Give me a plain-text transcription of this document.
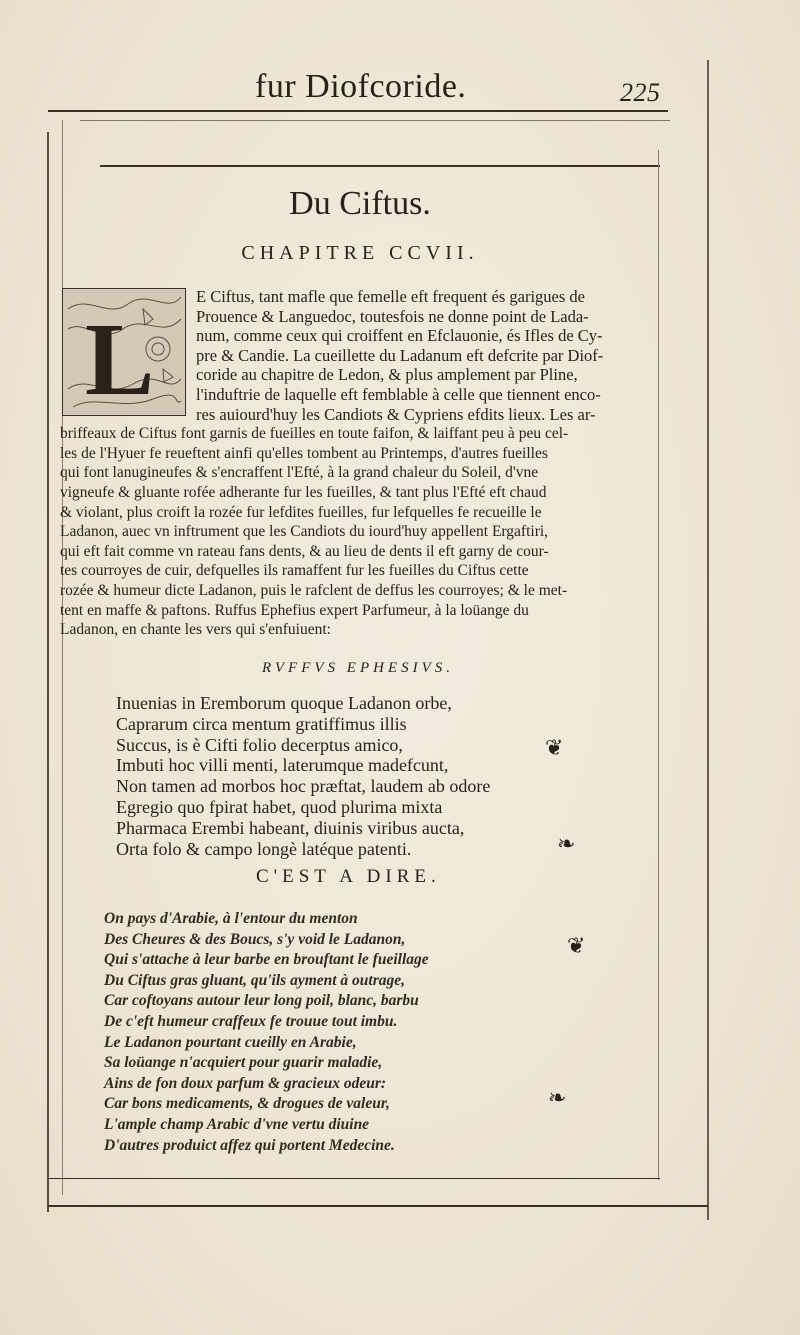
fur Diofcoride.	225
Du Ciftus.
CHAPITRE CCVII.
L
E Ciftus, tant mafle que femelle eft frequent és garigues de
Prouence & Languedoc, toutesfois ne donne point de Lada-
num, comme ceux qui croiffent en Efclauonie, és Ifles de Cy-
pre & Candie. La cueillette du Ladanum eft defcrite par Diof-
coride au chapitre de Ledon, & plus amplement par Pline,
l'induftrie de laquelle eft femblable à celle que tiennent enco-
res auiourd'huy les Candiots & Cypriens efdits lieux. Les ar-
briffeaux de Ciftus font garnis de fueilles en toute faifon, & laiffant peu à peu cel-
les de l'Hyuer fe reueftent ainfi qu'elles tombent au Printemps, d'autres fueilles
qui font lanugineufes & s'encraffent l'Efté, à la grand chaleur du Soleil, d'vne
vigneufe & gluante rofée adherante fur les fueilles, & tant plus l'Efté eft chaud
& violant, plus croift la rozée fur lefdites fueilles, fur lefquelles fe recueille le
Ladanon, auec vn inftrument que les Candiots du iourd'huy appellent Ergaftiri,
qui eft fait comme vn rateau fans dents, & au lieu de dents il eft garny de cour-
tes courroyes de cuir, defquelles ils ramaffent fur les fueilles du Ciftus cette
rozée & humeur dicte Ladanon, puis le rafclent de deffus les courroyes; & le met-
tent en maffe & paftons. Ruffus Ephefius expert Parfumeur, à la loüange du
Ladanon, en chante les vers qui s'enfuiuent:
RVFFVS EPHESIVS.
Inuenias in Eremborum quoque Ladanon orbe,
Caprarum circa mentum gratiffimus illis
Succus, is è Cifti folio decerptus amico,
Imbuti hoc villi menti, laterumque madefcunt,
Non tamen ad morbos hoc præftat, laudem ab odore
Egregio quo fpirat habet, quod plurima mixta
Pharmaca Erembi habeant, diuinis viribus aucta,
Orta folo & campo longè latéque patenti.
C'EST A DIRE.
On pays d'Arabie, à l'entour du menton
Des Cheures & des Boucs, s'y void le Ladanon,
Qui s'attache à leur barbe en brouftant le fueillage
Du Ciftus gras gluant, qu'ils ayment à outrage,
Car coftoyans autour leur long poil, blanc, barbu
De c'eft humeur craffeux fe trouue tout imbu.
Le Ladanon pourtant cueilly en Arabie,
Sa loüange n'acquiert pour guarir maladie,
Ains de fon doux parfum & gracieux odeur:
Car bons medicaments, & drogues de valeur,
L'ample champ Arabic d'vne vertu diuine
D'autres produict affez qui portent Medecine.
❦
❧
❦
❧
